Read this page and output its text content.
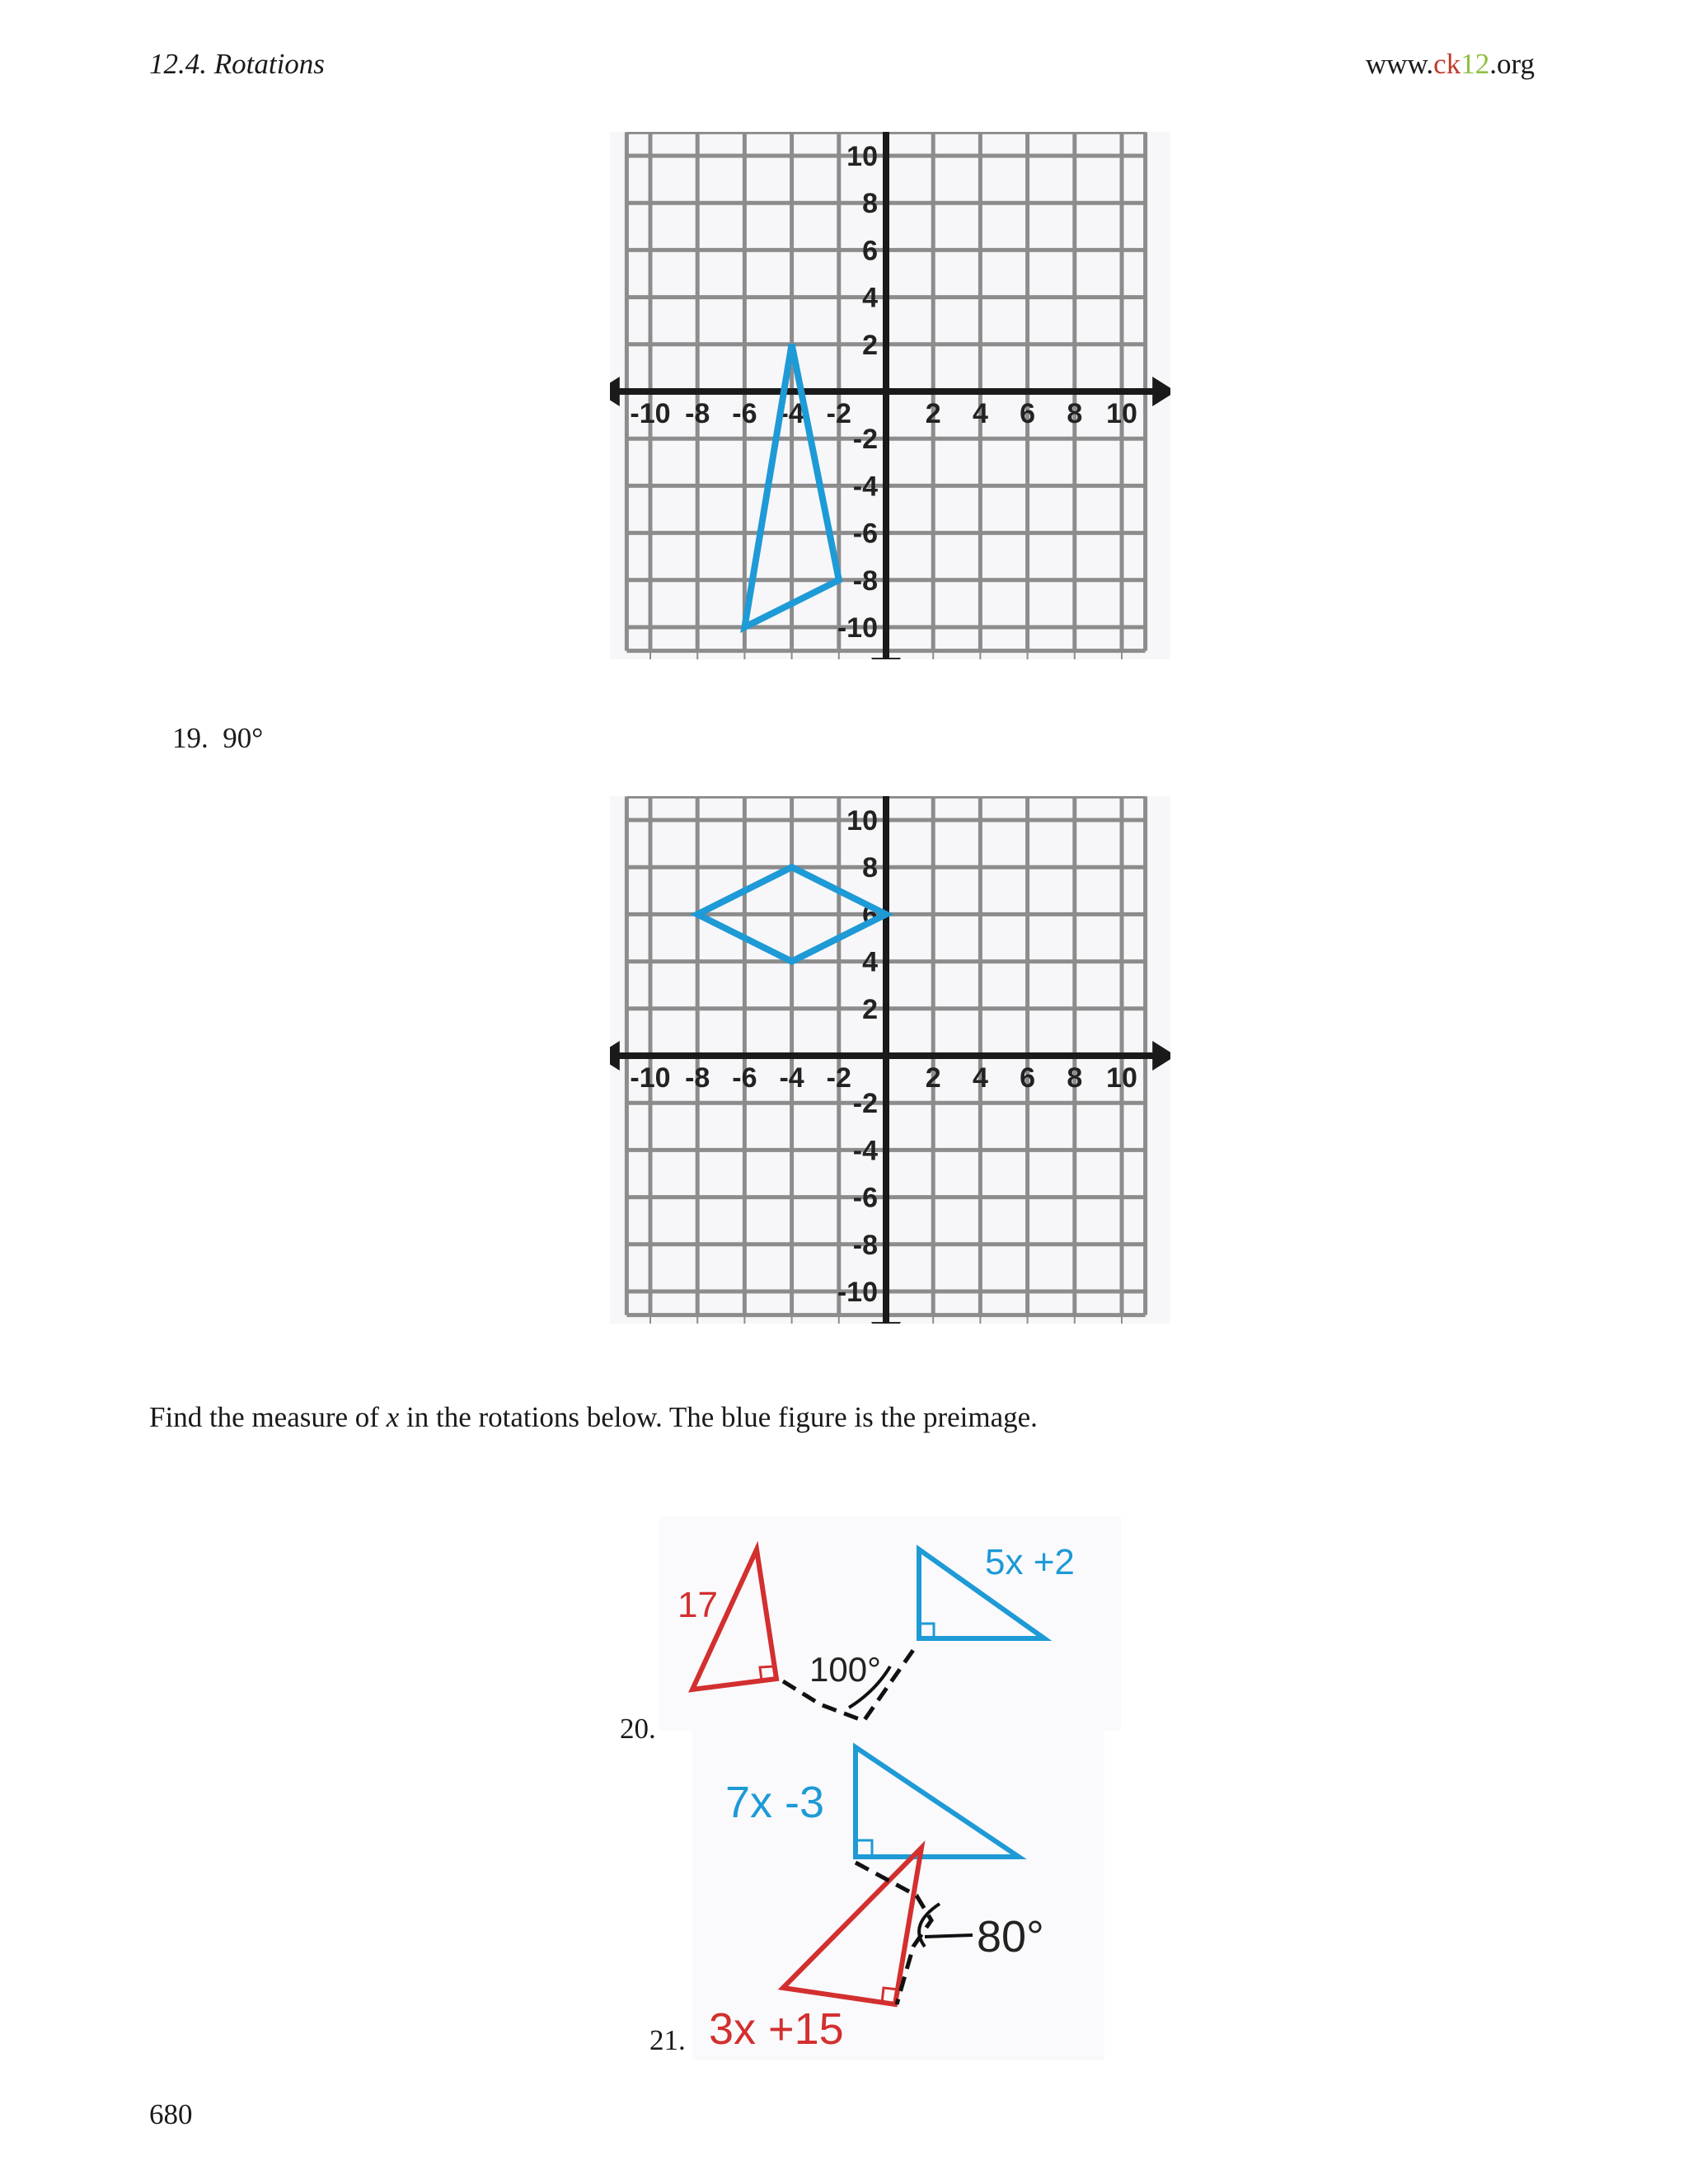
12.4. Rotations	www.ck12.org
-10 -8 -6 -4 -2	2 4 6 8 10
10
8
6
4
2
-2
-4
-6
-8
-10
19. 90°
-10 -8 -6 -4 -2	2 4 6 8 10
10
8
6
4
2
-2
-4
-6
-8
-10
Find the measure of x in the rotations below. The blue figure is the preimage.
20.
17
5x +2
100°
21.
7x -3
3x +15
80°
680
